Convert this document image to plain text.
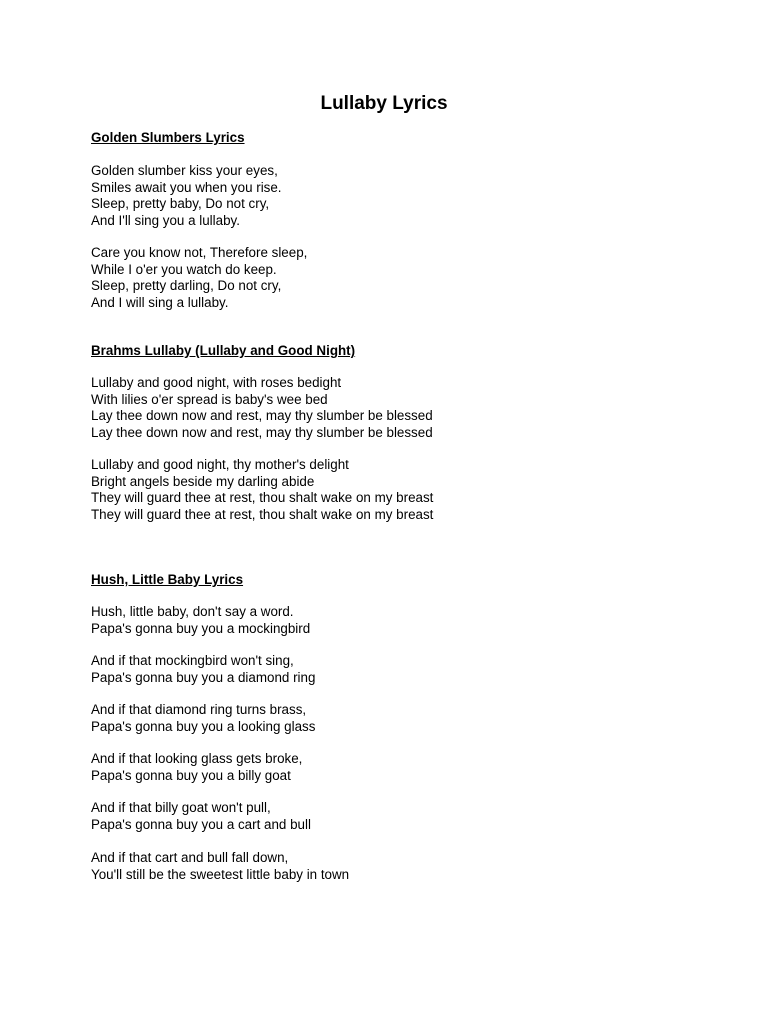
Lullaby Lyrics
Golden Slumbers Lyrics
Golden slumber kiss your eyes,
Smiles await you when you rise.
Sleep, pretty baby, Do not cry,
And I'll sing you a lullaby.
Care you know not, Therefore sleep,
While I o'er you watch do keep.
Sleep, pretty darling, Do not cry,
And I will sing a lullaby.
Brahms Lullaby (Lullaby and Good Night)
Lullaby and good night, with roses bedight
With lilies o'er spread is baby's wee bed
Lay thee down now and rest, may thy slumber be blessed
Lay thee down now and rest, may thy slumber be blessed
Lullaby and good night, thy mother's delight
Bright angels beside my darling abide
They will guard thee at rest, thou shalt wake on my breast
They will guard thee at rest, thou shalt wake on my breast
Hush, Little Baby Lyrics
Hush, little baby, don't say a word.
Papa's gonna buy you a mockingbird
And if that mockingbird won't sing,
Papa's gonna buy you a diamond ring
And if that diamond ring turns brass,
Papa's gonna buy you a looking glass
And if that looking glass gets broke,
Papa's gonna buy you a billy goat
And if that billy goat won't pull,
Papa's gonna buy you a cart and bull
And if that cart and bull fall down,
You'll still be the sweetest little baby in town
